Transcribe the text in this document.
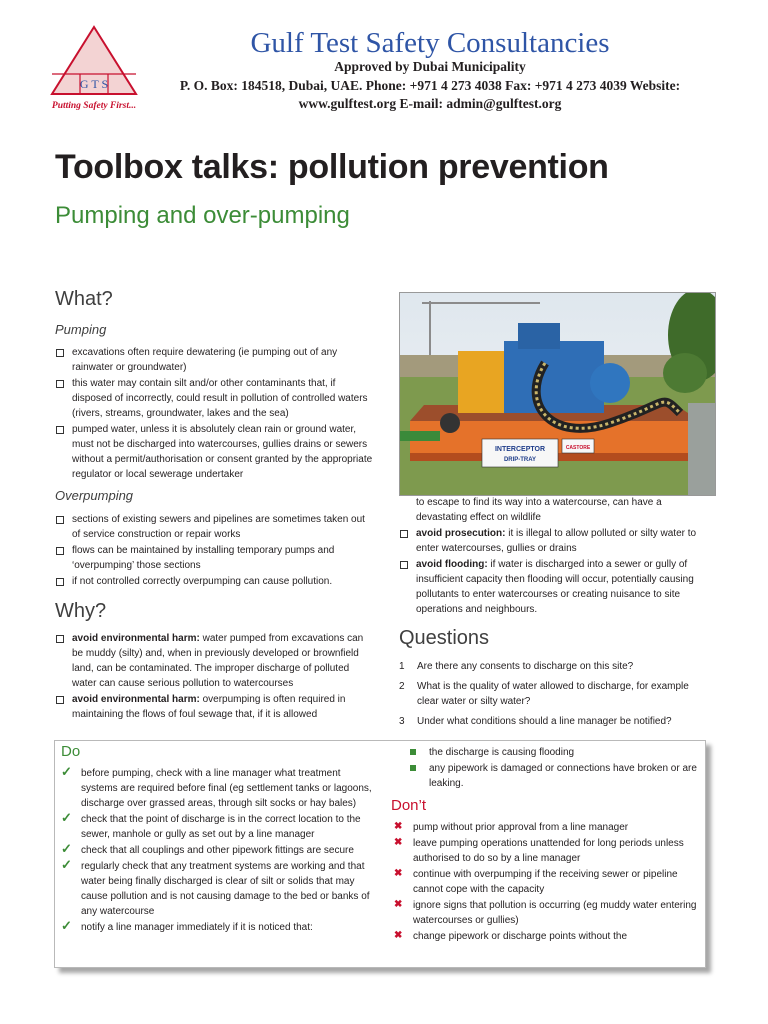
G T S
Putting Safety First...
Gulf Test Safety Consultancies
Approved by Dubai Municipality
P. O. Box: 184518, Dubai, UAE. Phone: +971 4 273 4038 Fax: +971 4 273 4039 Website:
www.gulftest.org E-mail: admin@gulftest.org
Toolbox talks: pollution prevention
Pumping and over-pumping
What?
Pumping
excavations often require dewatering (ie pumping out of any rainwater or groundwater)
this water may contain silt and/or other contaminants that, if disposed of incorrectly, could result in pollution of controlled waters (rivers, streams, groundwater, lakes and the sea)
pumped water, unless it is absolutely clean rain or ground water, must not be discharged into watercourses, gullies drains or sewers without a permit/authorisation or consent granted by the appropriate regulator or local sewerage undertaker
Overpumping
sections of existing sewers and pipelines are sometimes taken out of service construction or repair works
flows can be maintained by installing temporary pumps and ‘overpumping’ those sections
if not controlled correctly overpumping can cause pollution.
Why?
avoid environmental harm: water pumped from excavations can be muddy (silty) and, when in previously developed or brownfield land, can be contaminated. The improper discharge of polluted water can cause serious pollution to watercourses
avoid environmental harm: overpumping is often required in maintaining the flows of foul sewage that, if it is allowed
INTERCEPTOR
DRIP-TRAY
CASTORE
to escape to find its way into a watercourse, can have a devastating effect on wildlife
avoid prosecution: it is illegal to allow polluted or silty water to enter watercourses, gullies or drains
avoid flooding: if water is discharged into a sewer or gully of insufficient capacity then flooding will occur, potentially causing pollutants to enter watercourses or creating nuisance to site operations and neighbours.
Questions
1 Are there any consents to discharge on this site?
2 What is the quality of water allowed to discharge, for example clear water or silty water?
3 Under what conditions should a line manager be notified?
Do
✓ before pumping, check with a line manager what treatment systems are required before final (eg settlement tanks or lagoons, discharge over grassed areas, through silt socks or hay bales)
✓ check that the point of discharge is in the correct location to the sewer, manhole or gully as set out by a line manager
✓ check that all couplings and other pipework fittings are secure
✓ regularly check that any treatment systems are working and that water being finally discharged is clear of silt or solids that may cause pollution and is not causing damage to the bed or banks of any watercourse
✓ notify a line manager immediately if it is noticed that:
the discharge is causing flooding
any pipework is damaged or connections have broken or are leaking.
Don’t
✖ pump without prior approval from a line manager
✖ leave pumping operations unattended for long periods unless authorised to do so by a line manager
✖ continue with overpumping if the receiving sewer or pipeline cannot cope with the capacity
✖ ignore signs that pollution is occurring (eg muddy water entering watercourses or gullies)
✖ change pipework or discharge points without the
